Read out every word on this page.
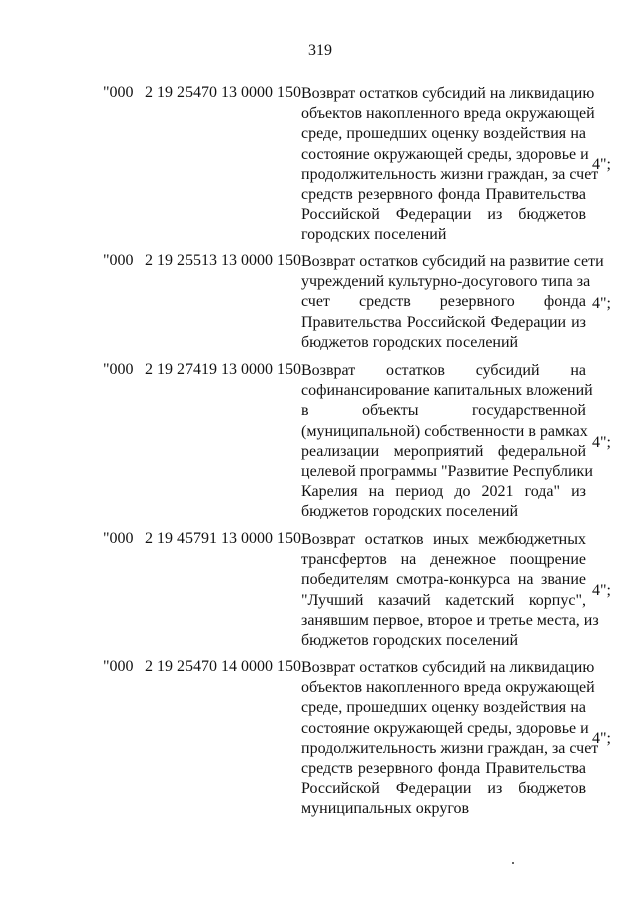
319
"000 2 19 25470 13 0000 150 Возврат остатков субсидий на ликвидацию
объектов накопленного вреда окружающей
среде, прошедших оценку воздействия на
состояние окружающей среды, здоровье и
продолжительность жизни граждан, за счет
средств резервного фонда Правительства
Российской Федерации из бюджетов
городских поселений
4";
"000 2 19 25513 13 0000 150 Возврат остатков субсидий на развитие сети
учреждений культурно-досугового типа за
счет средств резервного фонда
Правительства Российской Федерации из
бюджетов городских поселений
4";
"000 2 19 27419 13 0000 150 Возврат остатков субсидий на
софинансирование капитальных вложений
в объекты государственной
(муниципальной) собственности в рамках
реализации мероприятий федеральной
целевой программы "Развитие Республики
Карелия на период до 2021 года" из
бюджетов городских поселений
4";
"000 2 19 45791 13 0000 150 Возврат остатков иных межбюджетных
трансфертов на денежное поощрение
победителям смотра-конкурса на звание
"Лучший казачий кадетский корпус",
занявшим первое, второе и третье места, из
бюджетов городских поселений
4";
"000 2 19 25470 14 0000 150 Возврат остатков субсидий на ликвидацию
объектов накопленного вреда окружающей
среде, прошедших оценку воздействия на
состояние окружающей среды, здоровье и
продолжительность жизни граждан, за счет
средств резервного фонда Правительства
Российской Федерации из бюджетов
муниципальных округов
4";
